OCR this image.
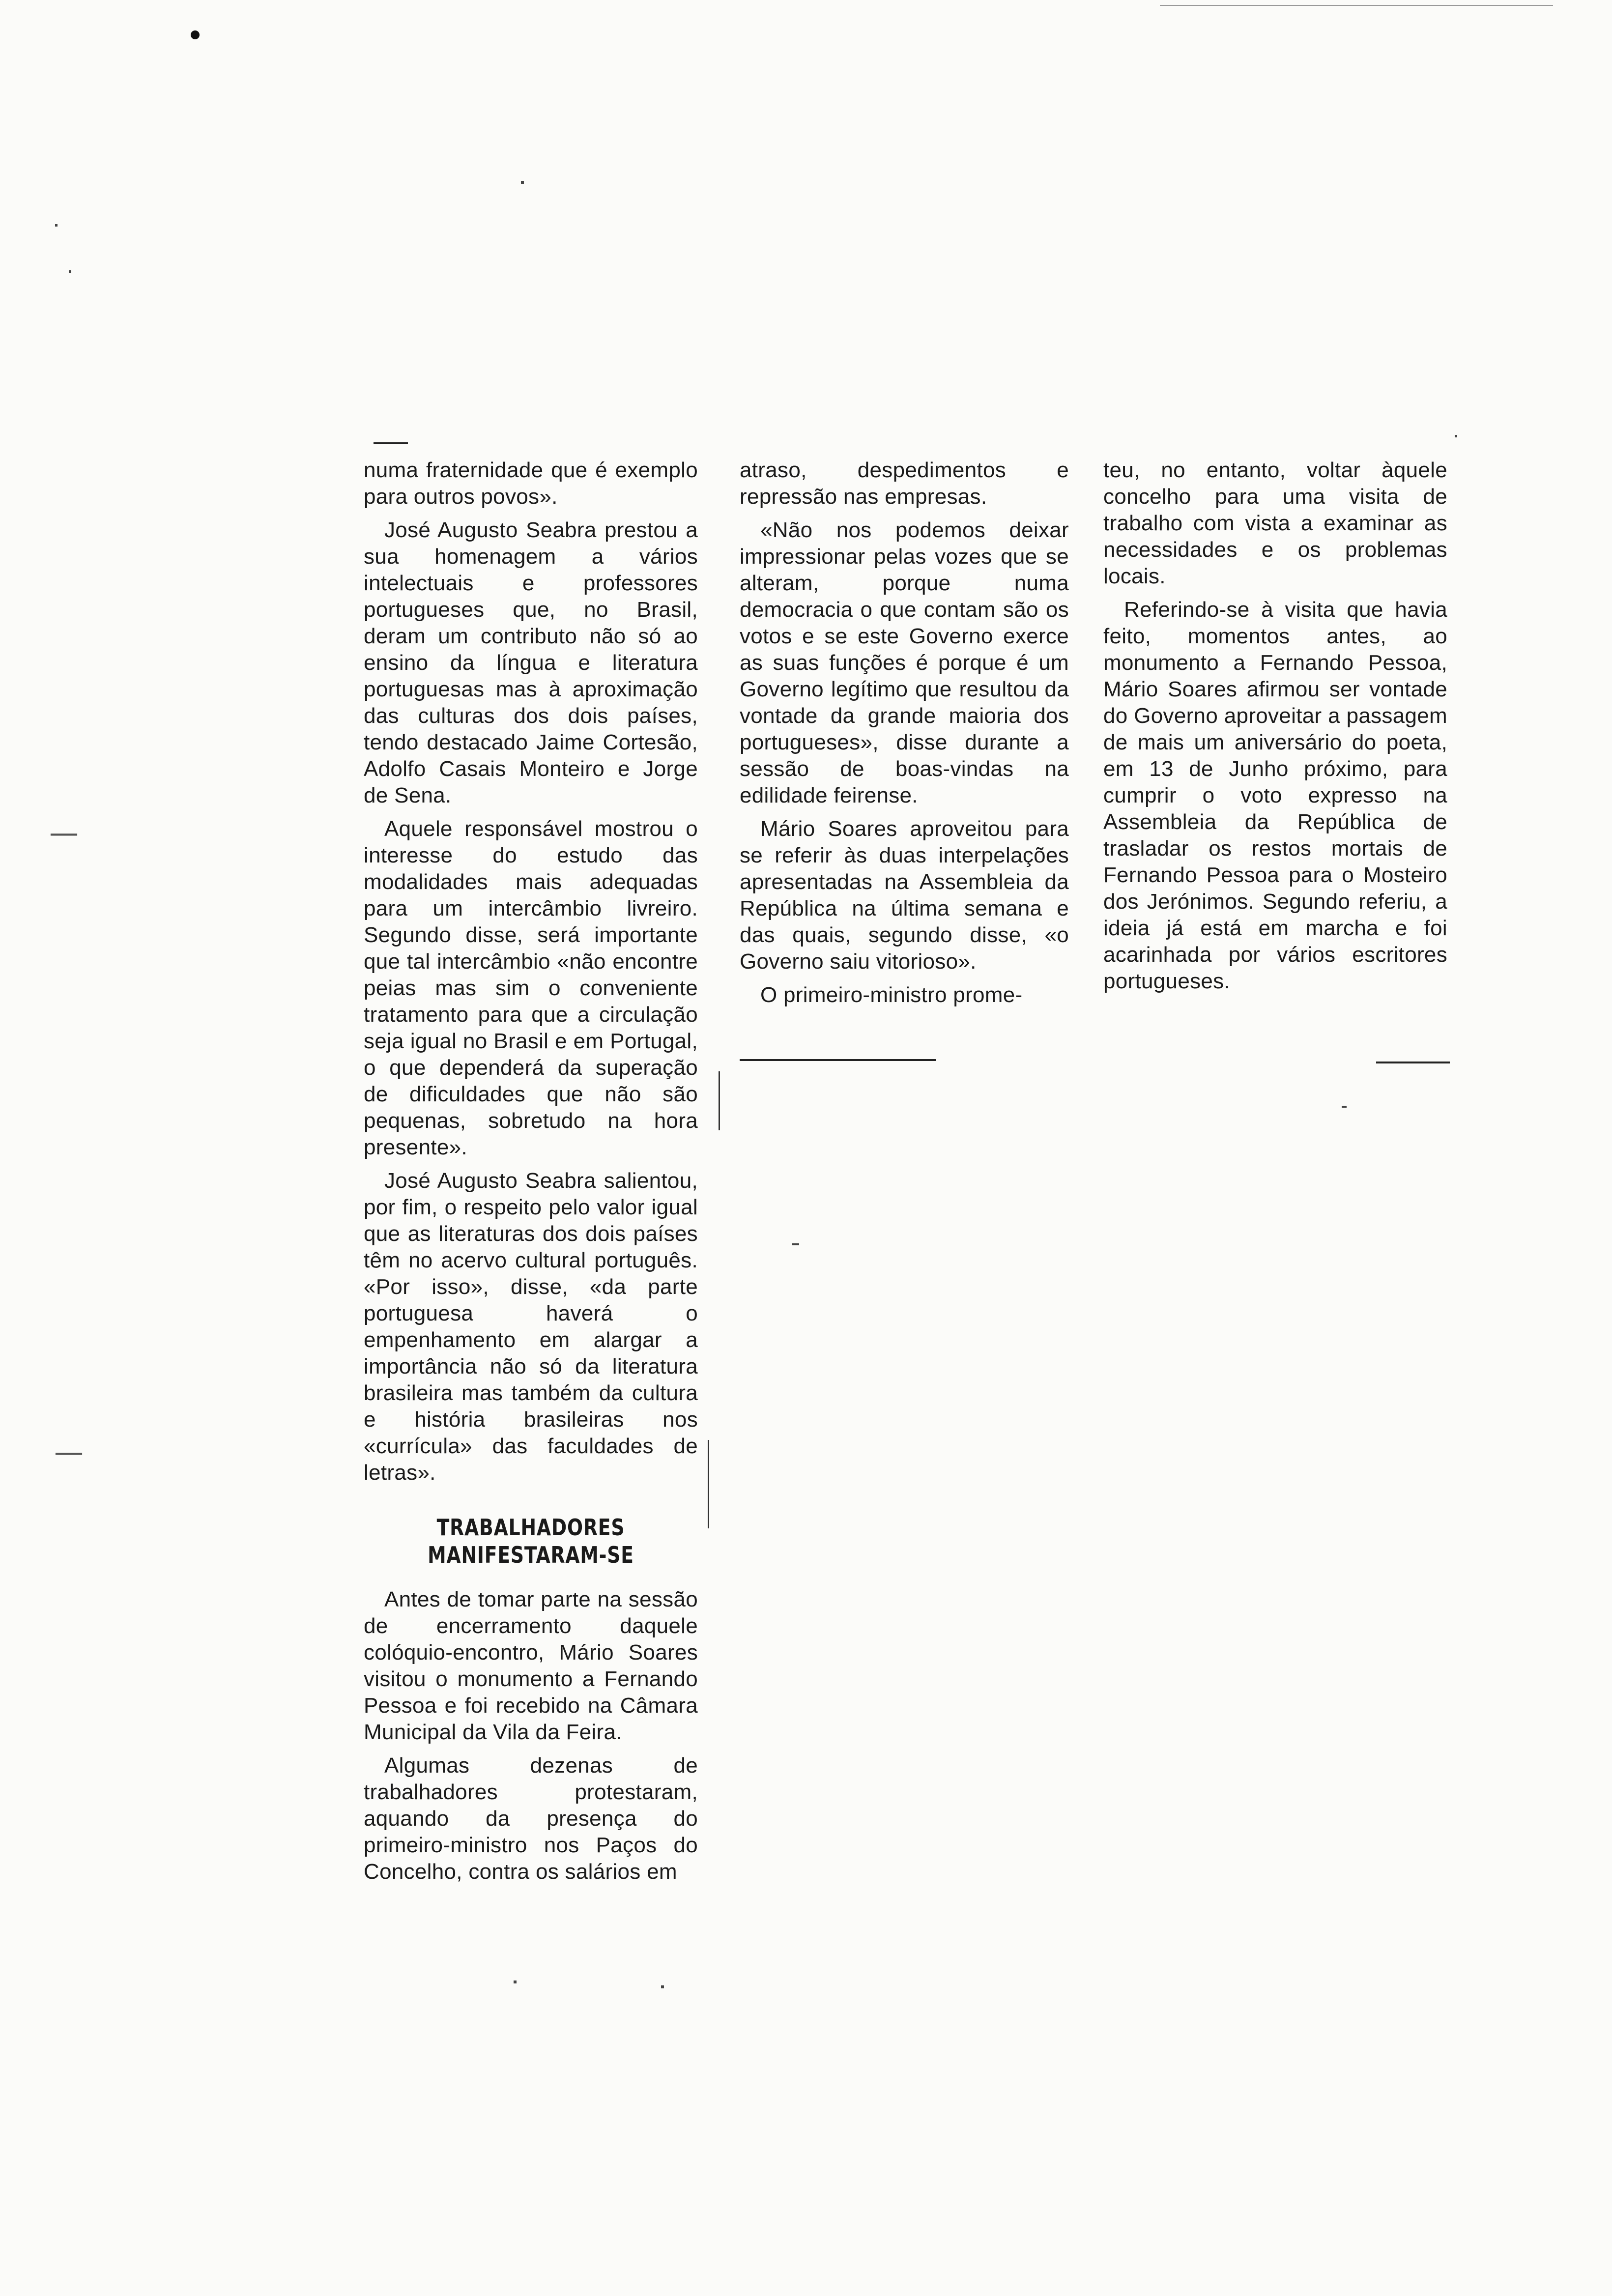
—
—

numa fraternidade que é exemplo para outros povos».

José Augusto Seabra prestou a sua homenagem a vários intelectuais e professores portugueses que, no Brasil, deram um contributo não só ao ensino da língua e literatura portuguesas mas à aproximação das culturas dos dois países, tendo destacado Jaime Cortesão, Adolfo Casais Monteiro e Jorge de Sena.

Aquele responsável mostrou o interesse do estudo das modalidades mais adequadas para um intercâmbio livreiro. Segundo disse, será importante que tal intercâmbio «não encontre peias mas sim o conveniente tratamento para que a circulação seja igual no Brasil e em Portugal, o que dependerá da superação de dificuldades que não são pequenas, sobretudo na hora presente».

José Augusto Seabra salientou, por fim, o respeito pelo valor igual que as literaturas dos dois países têm no acervo cultural português. «Por isso», disse, «da parte portuguesa haverá o empenhamento em alargar a importância não só da literatura brasileira mas também da cultura e história brasileiras nos «currícula» das faculdades de letras».

TRABALHADORES
MANIFESTARAM-SE

Antes de tomar parte na sessão de encerramento daquele colóquio-encontro, Mário Soares visitou o monumento a Fernando Pessoa e foi recebido na Câmara Municipal da Vila da Feira.

Algumas dezenas de trabalhadores protestaram, aquando da presença do primeiro-ministro nos Paços do Concelho, contra os salários em

atraso, despedimentos e repressão nas empresas.

«Não nos podemos deixar impressionar pelas vozes que se alteram, porque numa democracia o que contam são os votos e se este Governo exerce as suas funções é porque é um Governo legítimo que resultou da vontade da grande maioria dos portugueses», disse durante a sessão de boas-vindas na edilidade feirense.

Mário Soares aproveitou para se referir às duas interpelações apresentadas na Assembleia da República na última semana e das quais, segundo disse, «o Governo saiu vitorioso».

O primeiro-ministro prome-

teu, no entanto, voltar àquele concelho para uma visita de trabalho com vista a examinar as necessidades e os problemas locais.

Referindo-se à visita que havia feito, momentos antes, ao monumento a Fernando Pessoa, Mário Soares afirmou ser vontade do Governo aproveitar a passagem de mais um aniversário do poeta, em 13 de Junho próximo, para cumprir o voto expresso na Assembleia da República de trasladar os restos mortais de Fernando Pessoa para o Mosteiro dos Jerónimos. Segundo referiu, a ideia já está em marcha e foi acarinhada por vários escritores portugueses.
